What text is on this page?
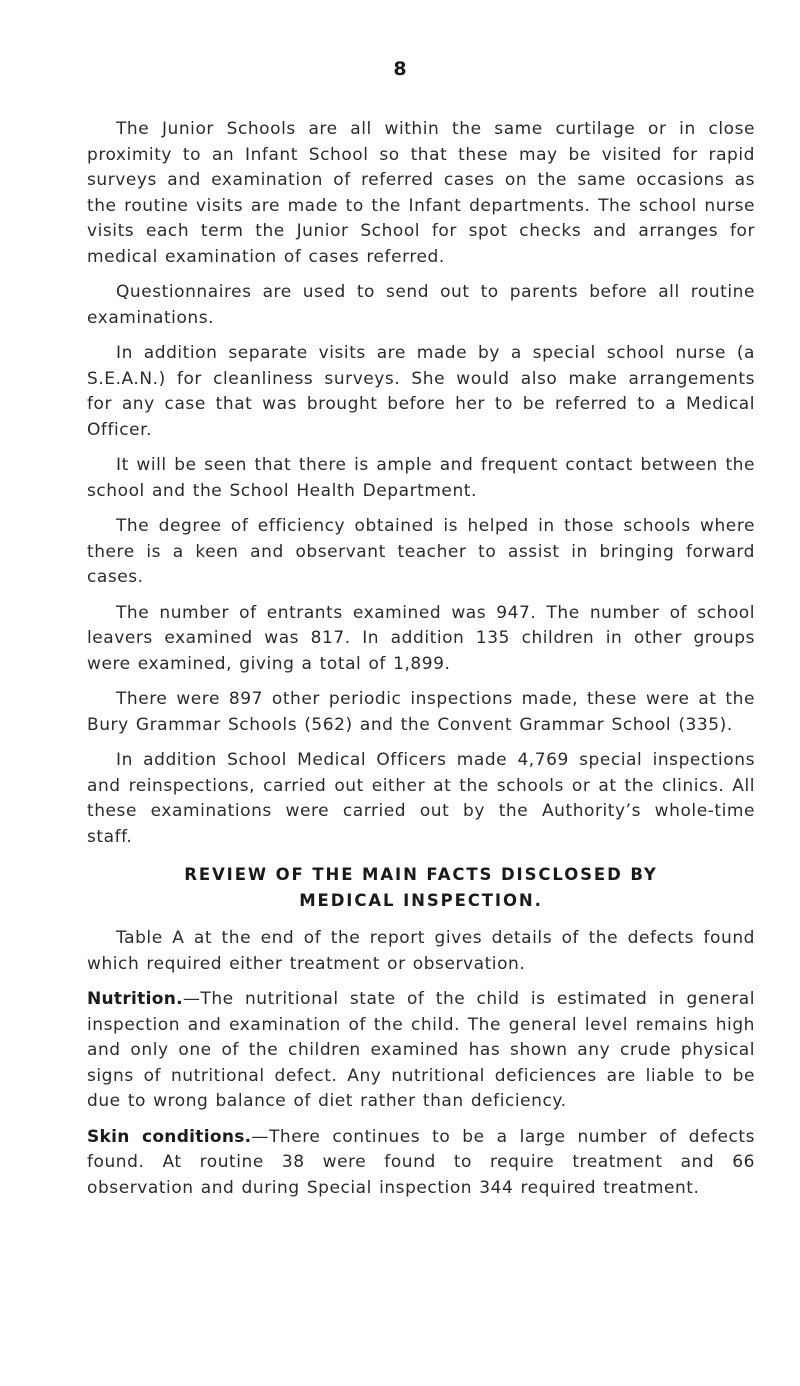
8

The Junior Schools are all within the same curtilage or in close proximity to an Infant School so that these may be visited for rapid surveys and examination of referred cases on the same occasions as the routine visits are made to the Infant departments. The school nurse visits each term the Junior School for spot checks and arranges for medical examination of cases referred.

Questionnaires are used to send out to parents before all routine examinations.

In addition separate visits are made by a special school nurse (a S.E.A.N.) for cleanliness surveys. She would also make arrangements for any case that was brought before her to be referred to a Medical Officer.

It will be seen that there is ample and frequent contact between the school and the School Health Department.

The degree of efficiency obtained is helped in those schools where there is a keen and observant teacher to assist in bringing forward cases.

The number of entrants examined was 947. The number of school leavers examined was 817. In addition 135 children in other groups were examined, giving a total of 1,899.

There were 897 other periodic inspections made, these were at the Bury Grammar Schools (562) and the Convent Grammar School (335).

In addition School Medical Officers made 4,769 special inspections and reinspections, carried out either at the schools or at the clinics. All these examinations were carried out by the Authority’s whole-time staff.

REVIEW OF THE MAIN FACTS DISCLOSED BY
MEDICAL INSPECTION.

Table A at the end of the report gives details of the defects found which required either treatment or observation.

Nutrition.—The nutritional state of the child is estimated in general inspection and examination of the child. The general level remains high and only one of the children examined has shown any crude physical signs of nutritional defect. Any nutritional deficiences are liable to be due to wrong balance of diet rather than deficiency.

Skin conditions.—There continues to be a large number of defects found. At routine 38 were found to require treatment and 66 observation and during Special inspection 344 required treatment.
